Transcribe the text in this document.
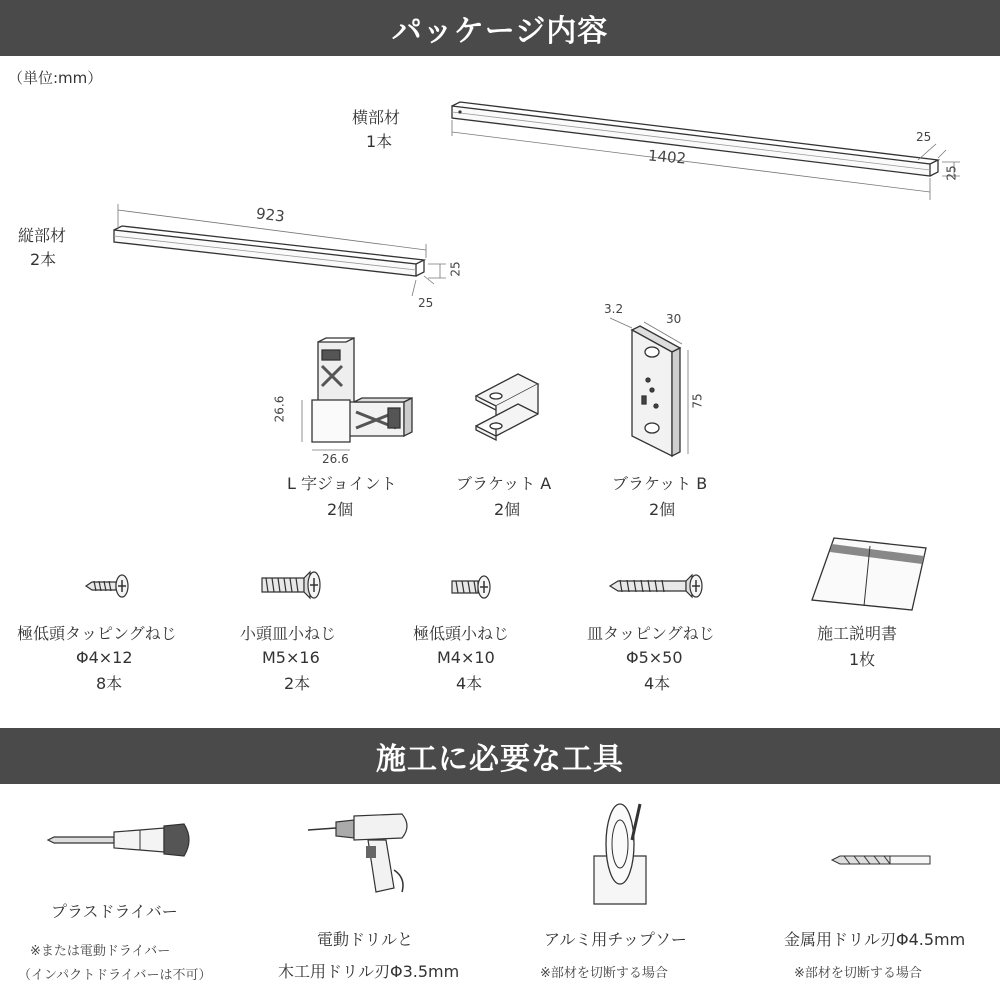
パッケージ内容
（単位:mm）
横部材
1本
1402
25
25
縦部材
2本
923
25
25
26.6
26.6
L 字ジョイント
2個
ブラケット A
2個
3.2
30
75
ブラケット B
2個
極低頭タッピングねじ
Φ4×12
8本
小頭皿小ねじ
M5×16
2本
極低頭小ねじ
M4×10
4本
皿タッピングねじ
Φ5×50
4本
施工説明書
1枚
施工に必要な工具
プラスドライバー
※または電動ドライバー
（インパクトドライバーは不可）
電動ドリルと
木工用ドリル刃Φ3.5mm
アルミ用チップソー
※部材を切断する場合
金属用ドリル刃Φ4.5mm
※部材を切断する場合
